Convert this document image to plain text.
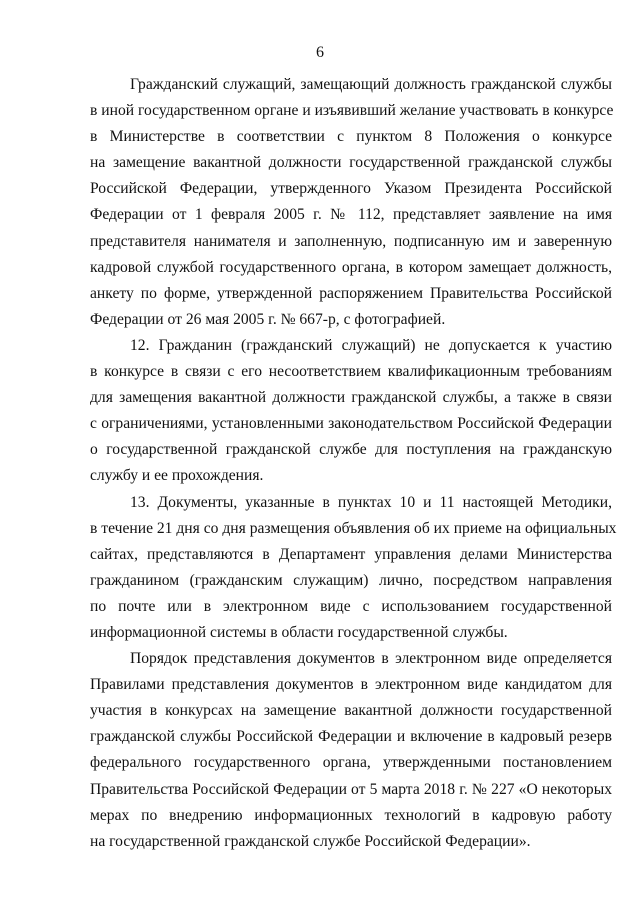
6
Гражданский служащий, замещающий должность гражданской службы
в иной государственном органе и изъявивший желание участвовать в конкурсе
в Министерстве в соответствии с пунктом 8 Положения о конкурсе
на замещение вакантной должности государственной гражданской службы
Российской Федерации, утвержденного Указом Президента Российской
Федерации от 1 февраля 2005 г. № 112, представляет заявление на имя
представителя нанимателя и заполненную, подписанную им и заверенную
кадровой службой государственного органа, в котором замещает должность,
анкету по форме, утвержденной распоряжением Правительства Российской
Федерации от 26 мая 2005 г. № 667-р, с фотографией.
12. Гражданин (гражданский служащий) не допускается к участию
в конкурсе в связи с его несоответствием квалификационным требованиям
для замещения вакантной должности гражданской службы, а также в связи
с ограничениями, установленными законодательством Российской Федерации
о государственной гражданской службе для поступления на гражданскую
службу и ее прохождения.
13. Документы, указанные в пунктах 10 и 11 настоящей Методики,
в течение 21 дня со дня размещения объявления об их приеме на официальных
сайтах, представляются в Департамент управления делами Министерства
гражданином (гражданским служащим) лично, посредством направления
по почте или в электронном виде с использованием государственной
информационной системы в области государственной службы.
Порядок представления документов в электронном виде определяется
Правилами представления документов в электронном виде кандидатом для
участия в конкурсах на замещение вакантной должности государственной
гражданской службы Российской Федерации и включение в кадровый резерв
федерального государственного органа, утвержденными постановлением
Правительства Российской Федерации от 5 марта 2018 г. № 227 «О некоторых
мерах по внедрению информационных технологий в кадровую работу
на государственной гражданской службе Российской Федерации».
